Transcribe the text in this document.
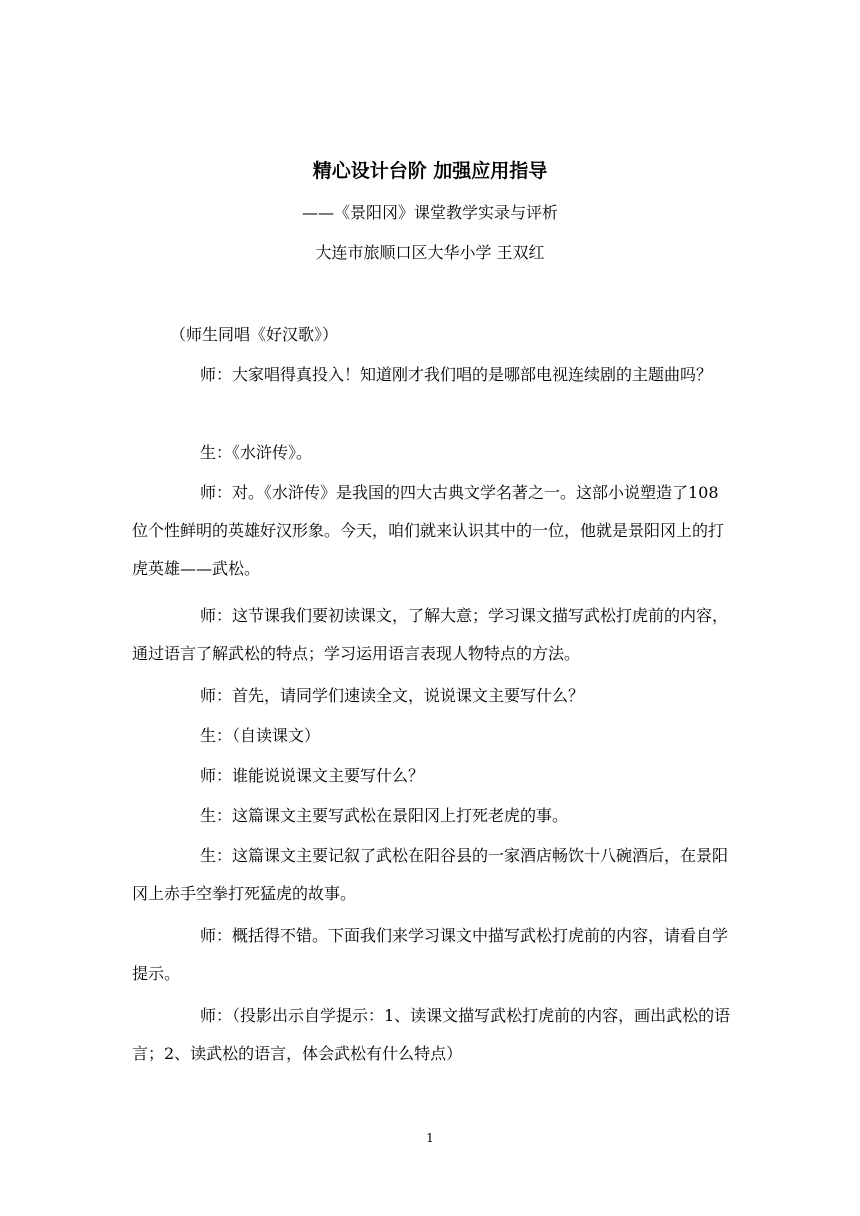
精心设计台阶 加强应用指导
——《景阳冈》课堂教学实录与评析
大连市旅顺口区大华小学 王双红

（师生同唱《好汉歌》）

师：大家唱得真投入！知道刚才我们唱的是哪部电视连续剧的主题曲吗？

生：《水浒传》。

师：对。《水浒传》是我国的四大古典文学名著之一。这部小说塑造了108位个性鲜明的英雄好汉形象。今天，咱们就来认识其中的一位，他就是景阳冈上的打虎英雄——武松。

师：这节课我们要初读课文，了解大意；学习课文描写武松打虎前的内容，通过语言了解武松的特点；学习运用语言表现人物特点的方法。

师：首先，请同学们速读全文，说说课文主要写什么？

生：（自读课文）

师：谁能说说课文主要写什么？

生：这篇课文主要写武松在景阳冈上打死老虎的事。

生：这篇课文主要记叙了武松在阳谷县的一家酒店畅饮十八碗酒后，在景阳冈上赤手空拳打死猛虎的故事。

师：概括得不错。下面我们来学习课文中描写武松打虎前的内容，请看自学提示。

师：（投影出示自学提示：1、读课文描写武松打虎前的内容，画出武松的语言；2、读武松的语言，体会武松有什么特点）

1
